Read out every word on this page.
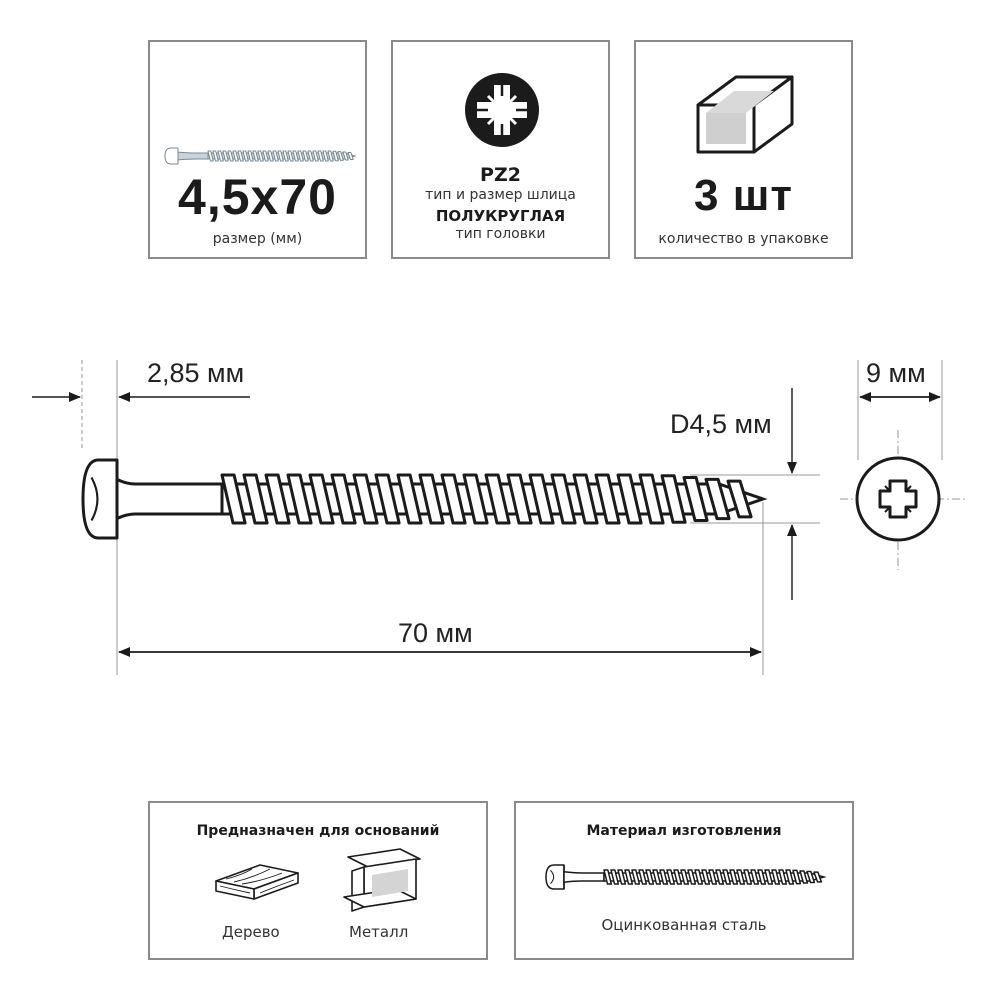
4,5x70
размер (мм)
PZ2
тип и размер шлица
ПОЛУКРУГЛАЯ
тип головки
3 шт
количество в упаковке
2,85 мм
D4,5 мм
9 мм
70 мм
Предназначен для оснований
Дерево	Металл
Материал изготовления
Оцинкованная сталь
